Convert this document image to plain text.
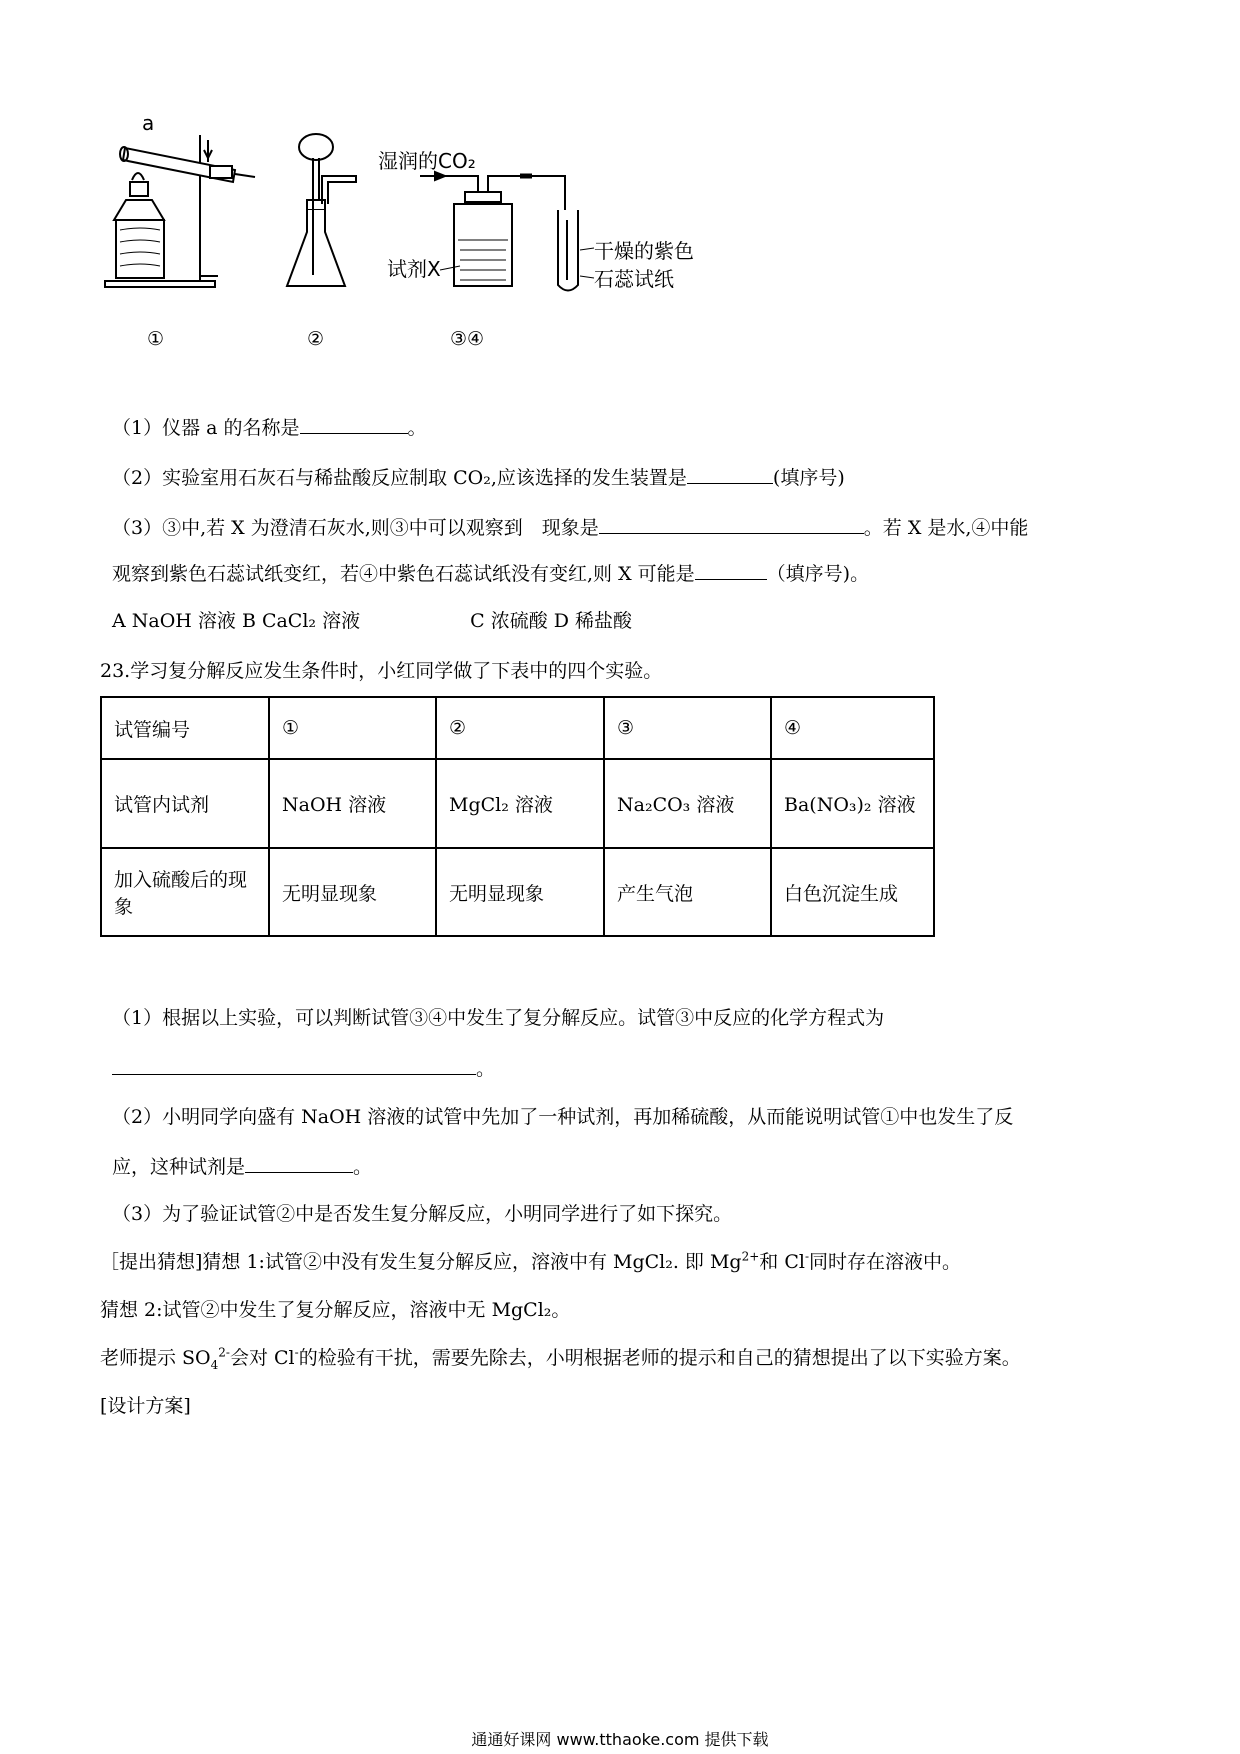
a
湿润的CO₂
试剂X
干燥的紫色
石蕊试纸
①	②	③④
（1）仪器 a 的名称是	。
（2）实验室用石灰石与稀盐酸反应制取 CO₂,应该选择的发生装置是	(填序号)
（3）③中,若 X 为澄清石灰水,则③中可以观察到　现象是	。若 X 是水,④中能
观察到紫色石蕊试纸变红，若④中紫色石蕊试纸没有变红,则 X 可能是	（填序号)。
A NaOH 溶液 B CaCl₂ 溶液	C 浓硫酸 D 稀盐酸
23.学习复分解反应发生条件时，小红同学做了下表中的四个实验。
试管编号	①	②	③	④
试管内试剂	NaOH 溶液	MgCl₂ 溶液	Na₂CO₃ 溶液	Ba(NO₃)₂ 溶液
加入硫酸后的现象	无明显现象	无明显现象	产生气泡	白色沉淀生成
（1）根据以上实验，可以判断试管③④中发生了复分解反应。试管③中反应的化学方程式为
。
（2）小明同学向盛有 NaOH 溶液的试管中先加了一种试剂，再加稀硫酸，从而能说明试管①中也发生了反
应，这种试剂是	。
（3）为了验证试管②中是否发生复分解反应，小明同学进行了如下探究。
［提出猜想]猜想 1:试管②中没有发生复分解反应，溶液中有 MgCl₂. 即 $Mg^{2+}$和 Cl-同时存在溶液中。
猜想 2:试管②中发生了复分解反应，溶液中无 MgCl₂。
老师提示 $SO_4^{2-}$会对 Cl-的检验有干扰，需要先除去，小明根据老师的提示和自己的猜想提出了以下实验方案。
[设计方案]
通通好课网 www.tthaoke.com 提供下载
